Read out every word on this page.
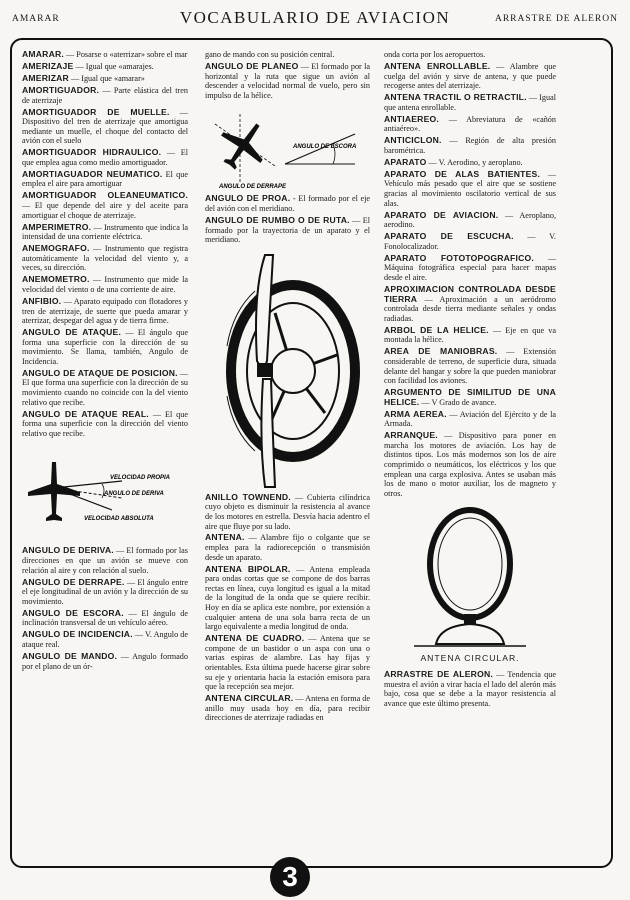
AMARAR	VOCABULARIO DE AVIACION	ARRASTRE DE ALERON

AMARAR. — Posarse o «aterrizar» sobre el mar

AMERIZAJE — Igual que «amarajes.

AMERIZAR — Igual que «amarar»

AMORTIGUADOR. — Parte elástica del tren de aterrizaje

AMORTIGUADOR DE MUELLE. — Dispositivo del tren de aterrizaje que amortigua mediante un muelle, el choque del contacto del avión con el suelo

AMORTIGUADOR HIDRAULICO. — El que emplea agua como medio amortiguador.

AMORTIAGUADOR NEUMATICO. El que emplea el aire para amortiguar

AMORTIGUADOR OLEANEUMATICO. — El que depende del aire y del aceite para amortiguar el choque de aterrizaje.

AMPERIMETRO. — Instrumento que indica la intensidad de una corriente eléctrica.

ANEMOGRAFO. — Instrumento que registra automáticamente la velocidad del viento y, a veces, su dirección.

ANEMOMETRO. — Instrumento que mide la velocidad del viento o de una corriente de aire.

ANFIBIO. — Aparato equipado con flotadores y tren de aterrizaje, de suerte que pueda amarar y aterrizar, despegar del agua y de tierra firme.

ANGULO DE ATAQUE. — El ángulo que forma una superficie con la dirección de su movimiento. Se llama, también, Angulo de Incidencia.

ANGULO DE ATAQUE DE POSICION. — El que forma una superficie con la dirección de su movimiento cuando no coincide con la del viento relativo que recibe.

ANGULO DE ATAQUE REAL. — El que forma una superficie con la dirección del viento relativo que recibe.

VELOCIDAD PROPIA
ANGULO DE DERIVA
VELOCIDAD ABSOLUTA

ANGULO DE DERIVA. — El formado por las direcciones en que un avión se mueve con relación al aire y con relación al suelo.

ANGULO DE DERRAPE. — El ángulo entre el eje longitudinal de un avión y la dirección de su movimiento.

ANGULO DE ESCORA. — El ángulo de inclinación transversal de un vehículo aéreo.

ANGULO DE INCIDENCIA. — V. Angulo de ataque real.

ANGULO DE MANDO. — Angulo formado por el plano de un ór-

gano de mando con su posición central.

ANGULO DE PLANEO — El formado por la horizontal y la ruta que sigue un avión al descender a velocidad normal de vuelo, pero sin impulso de la hélice.

ANGULO DE ESCORA
ANGULO DE DERRAPE

ANGULO DE PROA. - El formado por el eje del avión con el meridiano.

ANGULO DE RUMBO O DE RUTA. — El formado por la trayectoria de un aparato y el meridiano.

ANILLO TOWNEND. — Cubierta cilíndrica cuyo objeto es disminuir la resistencia al avance de los motores en estrella. Desvía hacia adentro el aire que fluye por su lado.

ANTENA. — Alambre fijo o colgante que se emplea para la radiorecepción o transmisión desde un aparato.

ANTENA BIPOLAR. — Antena empleada para ondas cortas que se compone de dos barras rectas en línea, cuya longitud es igual a la mitad de la longitud de la onda que se quiere recibir. Hoy en día se aplica este nombre, por extensión a cualquier antena de una sola barra recta de un largo equivalente a media longitud de onda.

ANTENA DE CUADRO. — Antena que se compone de un bastidor o un aspa con una o varias espiras de alambre. Las hay fijas y orientables. Esta última puede hacerse girar sobre su eje y orientaria hacia la estación emisora para que la recepción sea mejor.

ANTENA CIRCULAR. — Antena en forma de anillo muy usada hoy en día, para recibir direcciones de aterrizaje radiadas en

onda corta por los aeropuertos.

ANTENA ENROLLABLE. — Alambre que cuelga del avión y sirve de antena, y que puede recogerse antes del aterrizaje.

ANTENA TRACTIL O RETRACTIL. — Igual que antena enrollable.

ANTIAEREO. — Abreviatura de «cañón antiaéreo».

ANTICICLON. — Región de alta presión barométrica.

APARATO — V. Aerodino, y aeroplano.

APARATO DE ALAS BATIENTES. — Vehículo más pesado que el aire que se sostiene gracias al movimiento oscilatorio vertical de sus alas.

APARATO DE AVIACION. — Aeroplano, aerodino.

APARATO DE ESCUCHA. — V. Fonolocalizador.

APARATO FOTOTOPOGRAFICO. — Máquina fotográfica especial para hacer mapas desde el aire.

APROXIMACION CONTROLADA DESDE TIERRA — Aproximación a un aeródromo controlada desde tierra mediante señales y ondas radiadas.

ARBOL DE LA HELICE. — Eje en que va montada la hélice.

AREA DE MANIOBRAS. — Extensión considerable de terreno, de superficie dura, situada delante del hangar y sobre la que pueden maniobrar con facilidad los aviones.

ARGUMENTO DE SIMILITUD DE UNA HELICE. — V Grado de avance.

ARMA AEREA. — Aviación del Ejército y de la Armada.

ARRANQUE. — Dispositivo para poner en marcha los motores de aviación. Los hay de distintos tipos. Los más modernos son los de aire comprimido o neumáticos, los eléctricos y los que emplean una carga explosiva. Antes se usaban más los de mano o motor auxiliar, los de magneto y otros.

ANTENA CIRCULAR.

ARRASTRE DE ALERON. — Tendencia que muestra el avión a virar hacia el lado del alerón más bajo, cosa que se debe a la mayor resistencia al avance que este último presenta.

3
